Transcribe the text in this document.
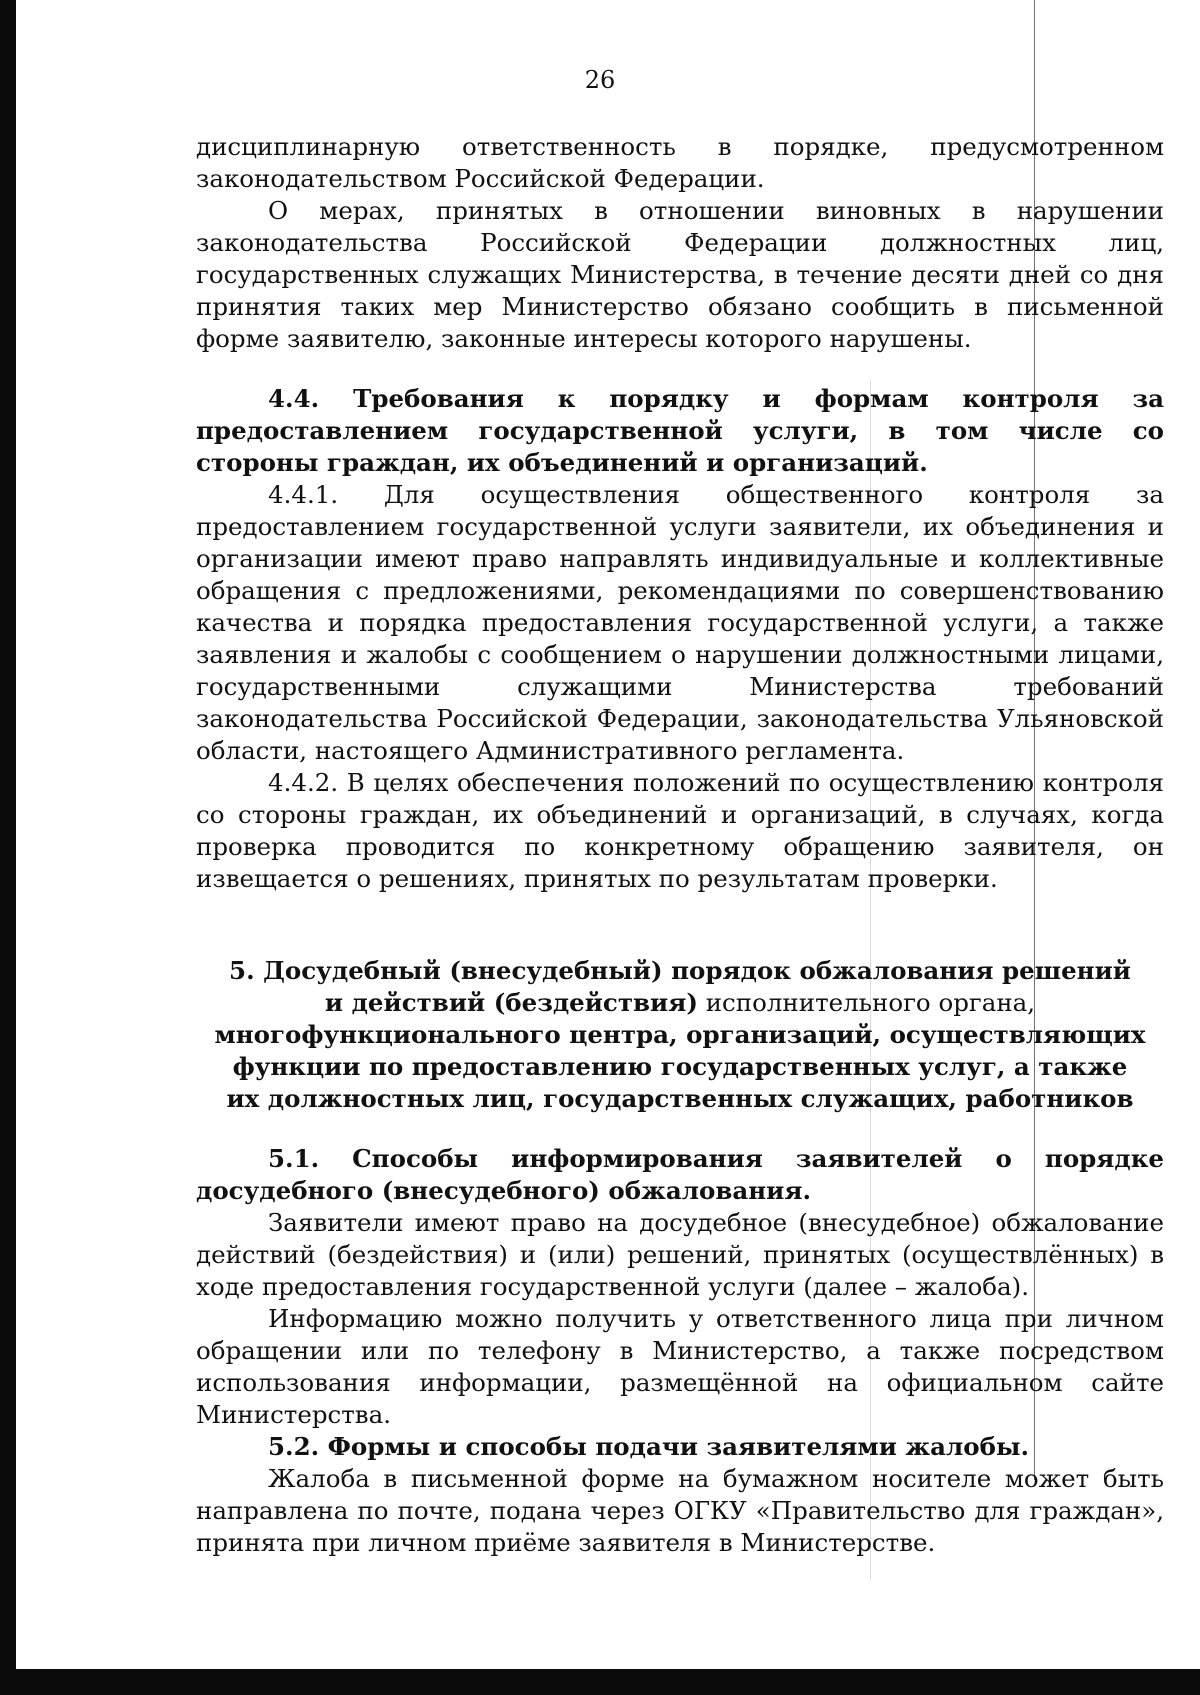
26

дисциплинарную ответственность в порядке, предусмотренном законодательством Российской Федерации.

О мерах, принятых в отношении виновных в нарушении законодательства Российской Федерации должностных лиц, государственных служащих Министерства, в течение десяти дней со дня принятия таких мер Министерство обязано сообщить в письменной форме заявителю, законные интересы которого нарушены.

4.4. Требования к порядку и формам контроля за предоставлением государственной услуги, в том числе со стороны граждан, их объединений и организаций.

4.4.1. Для осуществления общественного контроля за предоставлением государственной услуги заявители, их объединения и организации имеют право направлять индивидуальные и коллективные обращения с предложениями, рекомендациями по совершенствованию качества и порядка предоставления государственной услуги, а также заявления и жалобы с сообщением о нарушении должностными лицами, государственными служащими Министерства требований законодательства Российской Федерации, законодательства Ульяновской области, настоящего Административного регламента.

4.4.2. В целях обеспечения положений по осуществлению контроля со стороны граждан, их объединений и организаций, в случаях, когда проверка проводится по конкретному обращению заявителя, он извещается о решениях, принятых по результатам проверки.

5. Досудебный (внесудебный) порядок обжалования решений

и действий (бездействия) исполнительного органа,

многофункционального центра, организаций, осуществляющих

функции по предоставлению государственных услуг, а также

их должностных лиц, государственных служащих, работников

5.1. Способы информирования заявителей о порядке досудебного (внесудебного) обжалования.

Заявители имеют право на досудебное (внесудебное) обжалование действий (бездействия) и (или) решений, принятых (осуществлённых) в ходе предоставления государственной услуги (далее – жалоба).

Информацию можно получить у ответственного лица при личном обращении или по телефону в Министерство, а также посредством использования информации, размещённой на официальном сайте Министерства.

5.2. Формы и способы подачи заявителями жалобы.

Жалоба в письменной форме на бумажном носителе может быть направлена по почте, подана через ОГКУ «Правительство для граждан», принята при личном приёме заявителя в Министерстве.
